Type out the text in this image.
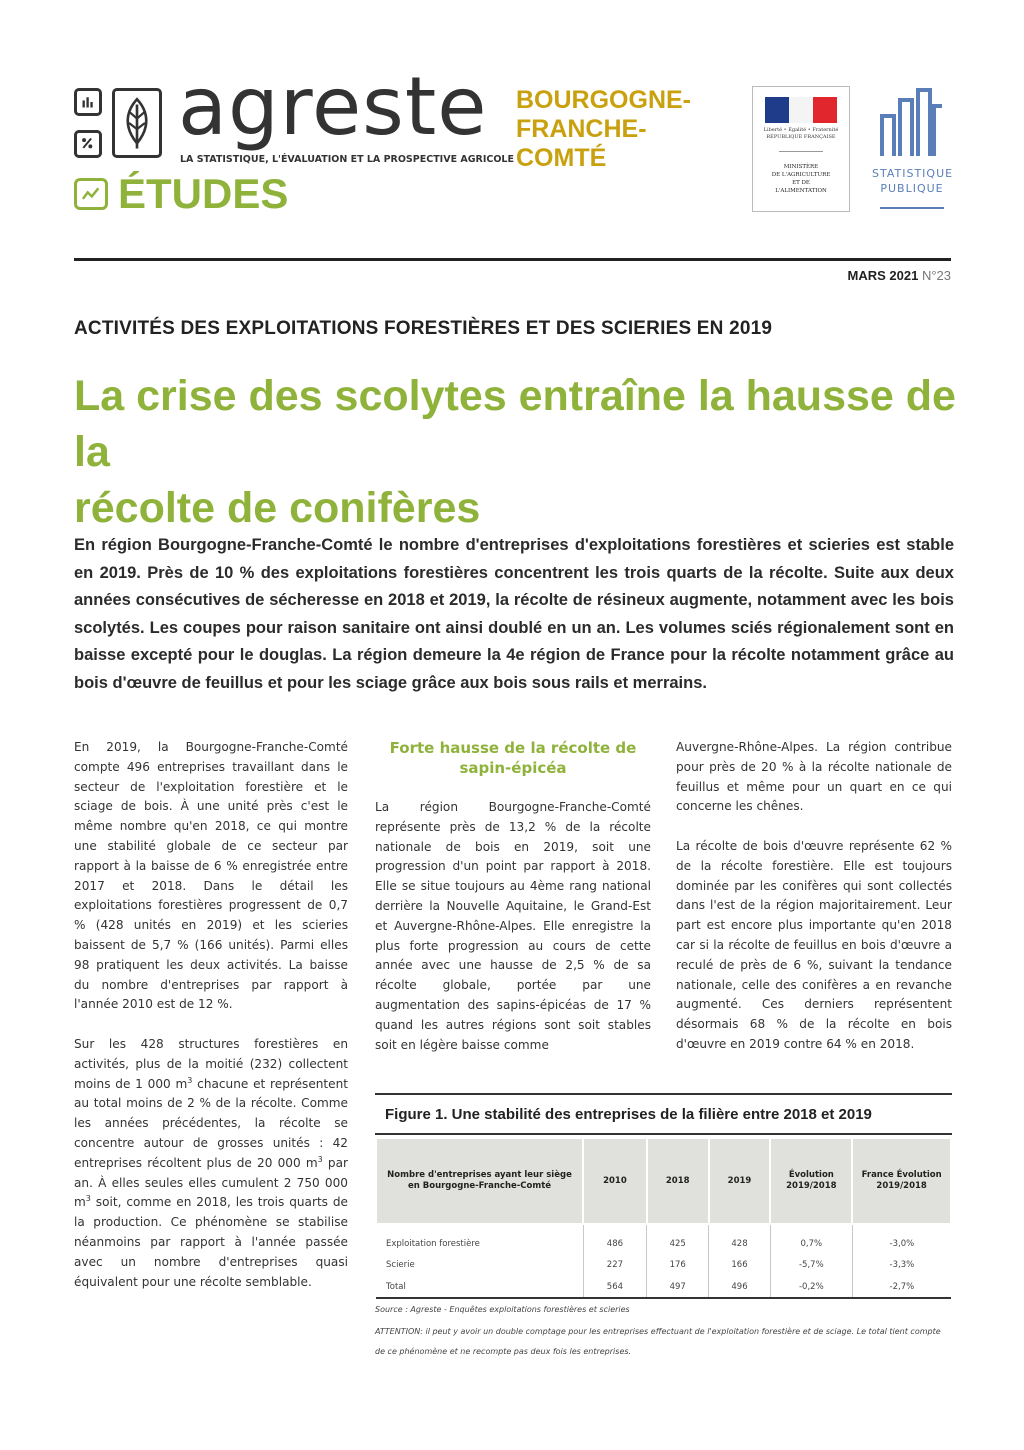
agreste
LA STATISTIQUE, L'ÉVALUATION ET LA PROSPECTIVE AGRICOLE
ÉTUDES
BOURGOGNE-
FRANCHE-
COMTÉ
Liberté • Égalité • Fraternité
RÉPUBLIQUE FRANÇAISE
MINISTÈRE
DE L'AGRICULTURE
ET DE
L'ALIMENTATION
STATISTIQUE
PUBLIQUE
MARS 2021 N°23
ACTIVITÉS DES EXPLOITATIONS FORESTIÈRES ET DES SCIERIES EN 2019
La crise des scolytes entraîne la hausse de la
récolte de conifères
En région Bourgogne-Franche-Comté le nombre d'entreprises d'exploitations forestières et scieries est stable en 2019. Près de 10 % des exploitations forestières concentrent les trois quarts de la récolte. Suite aux deux années consécutives de sécheresse en 2018 et 2019, la récolte de résineux augmente, notamment avec les bois scolytés. Les coupes pour raison sanitaire ont ainsi doublé en un an. Les volumes sciés régionalement sont en baisse excepté pour le douglas. La région demeure la 4e région de France pour la récolte notamment grâce au bois d'œuvre de feuillus et pour les sciage grâce aux bois sous rails et merrains.

En 2019, la Bourgogne-Franche-Comté compte 496 entreprises travaillant dans le secteur de l'exploitation forestière et le sciage de bois. À une unité près c'est le même nombre qu'en 2018, ce qui montre une stabilité globale de ce secteur par rapport à la baisse de 6 % enregistrée entre 2017 et 2018. Dans le détail les exploitations forestières progressent de 0,7 % (428 unités en 2019) et les scieries baissent de 5,7 % (166 unités). Parmi elles 98 pratiquent les deux activités. La baisse du nombre d'entreprises par rapport à l'année 2010 est de 12 %.

Sur les 428 structures forestières en activités, plus de la moitié (232) collectent moins de 1 000 $m^3$ chacune et représentent au total moins de 2 % de la récolte. Comme les années précédentes, la récolte se concentre autour de grosses unités : 42 entreprises récoltent plus de 20 000 $m^3$ par an. À elles seules elles cumulent 2 750 000 $m^3$ soit, comme en 2018, les trois quarts de la production. Ce phénomène se stabilise néanmoins par rapport à l'année passée avec un nombre d'entreprises quasi équivalent pour une récolte semblable.

Forte hausse de la récolte de sapin-épicéa

La région Bourgogne-Franche-Comté représente près de 13,2 % de la récolte nationale de bois en 2019, soit une progression d'un point par rapport à 2018. Elle se situe toujours au 4ème rang national derrière la Nouvelle Aquitaine, le Grand-Est et Auvergne-Rhône-Alpes. Elle enregistre la plus forte progression au cours de cette année avec une hausse de 2,5 % de sa récolte globale, portée par une augmentation des sapins-épicéas de 17 % quand les autres régions sont soit stables soit en légère baisse comme

Auvergne-Rhône-Alpes. La région contribue pour près de 20 % à la récolte nationale de feuillus et même pour un quart en ce qui concerne les chênes.

La récolte de bois d'œuvre représente 62 % de la récolte forestière. Elle est toujours dominée par les conifères qui sont collectés dans l'est de la région majoritairement. Leur part est encore plus importante qu'en 2018 car si la récolte de feuillus en bois d'œuvre a reculé de près de 6 %, suivant la tendance nationale, celle des conifères a en revanche augmenté. Ces derniers représentent désormais 68 % de la récolte en bois d'œuvre en 2019 contre 64 % en 2018.

Figure 1. Une stabilité des entreprises de la filière entre 2018 et 2019
Nombre d'entreprises ayant leur siège en Bourgogne-Franche-Comté	2010	2018	2019	Évolution 2019/2018	France Évolution 2019/2018
Exploitation forestière	486	425	428	0,7%	-3,0%
Scierie	227	176	166	-5,7%	-3,3%
Total	564	497	496	-0,2%	-2,7%
Source : Agreste - Enquêtes exploitations forestières et scieries
ATTENTION: il peut y avoir un double comptage pour les entreprises effectuant de l'exploitation forestière et de sciage. Le total tient compte de ce phénomène et ne recompte pas deux fois les entreprises.
